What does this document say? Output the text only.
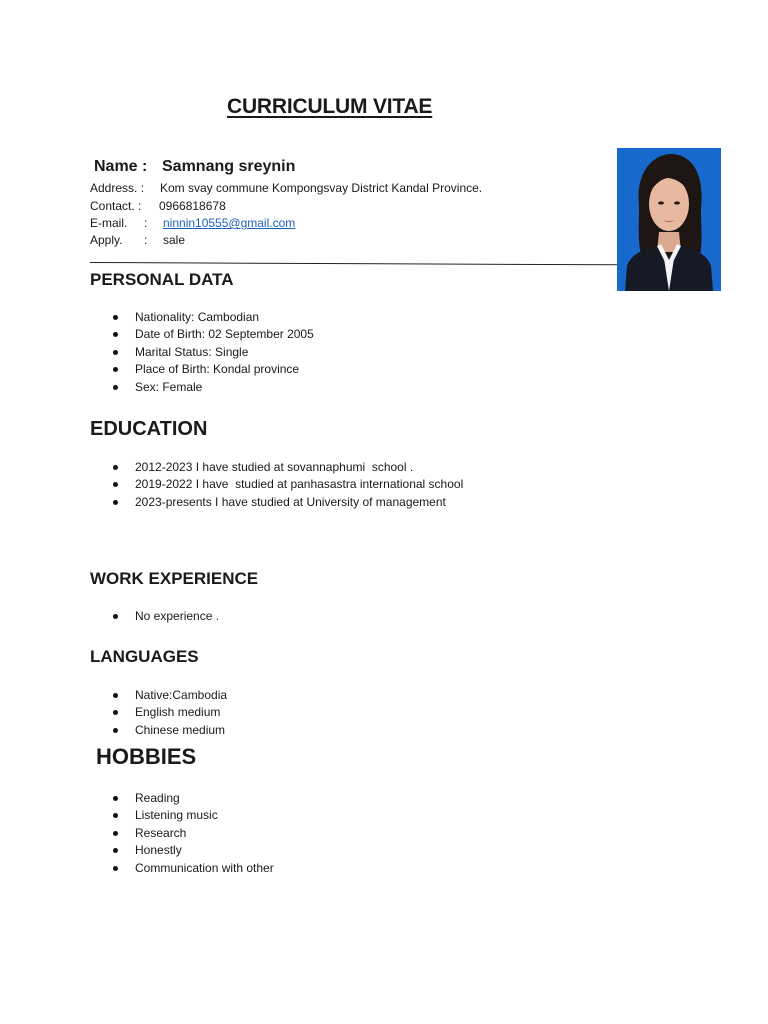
CURRICULUM VITAE
Name : Samnang sreynin
Address. : Kom svay commune Kompongsvay District Kandal Province.
Contact. : 0966818678
E-mail. : ninnin10555@gmail.com
Apply. : sale
PERSONAL DATA
Nationality: Cambodian
Date of Birth: 02 September 2005
Marital Status: Single
Place of Birth: Kondal province
Sex: Female
EDUCATION
2012-2023 I have studied at sovannaphumi  school .
2019-2022 I have  studied at panhasastra international school
2023-presents I have studied at University of management
WORK EXPERIENCE
No experience .
LANGUAGES
Native:Cambodia
English medium
Chinese medium
HOBBIES
Reading
Listening music
Research
Honestly
Communication with other
